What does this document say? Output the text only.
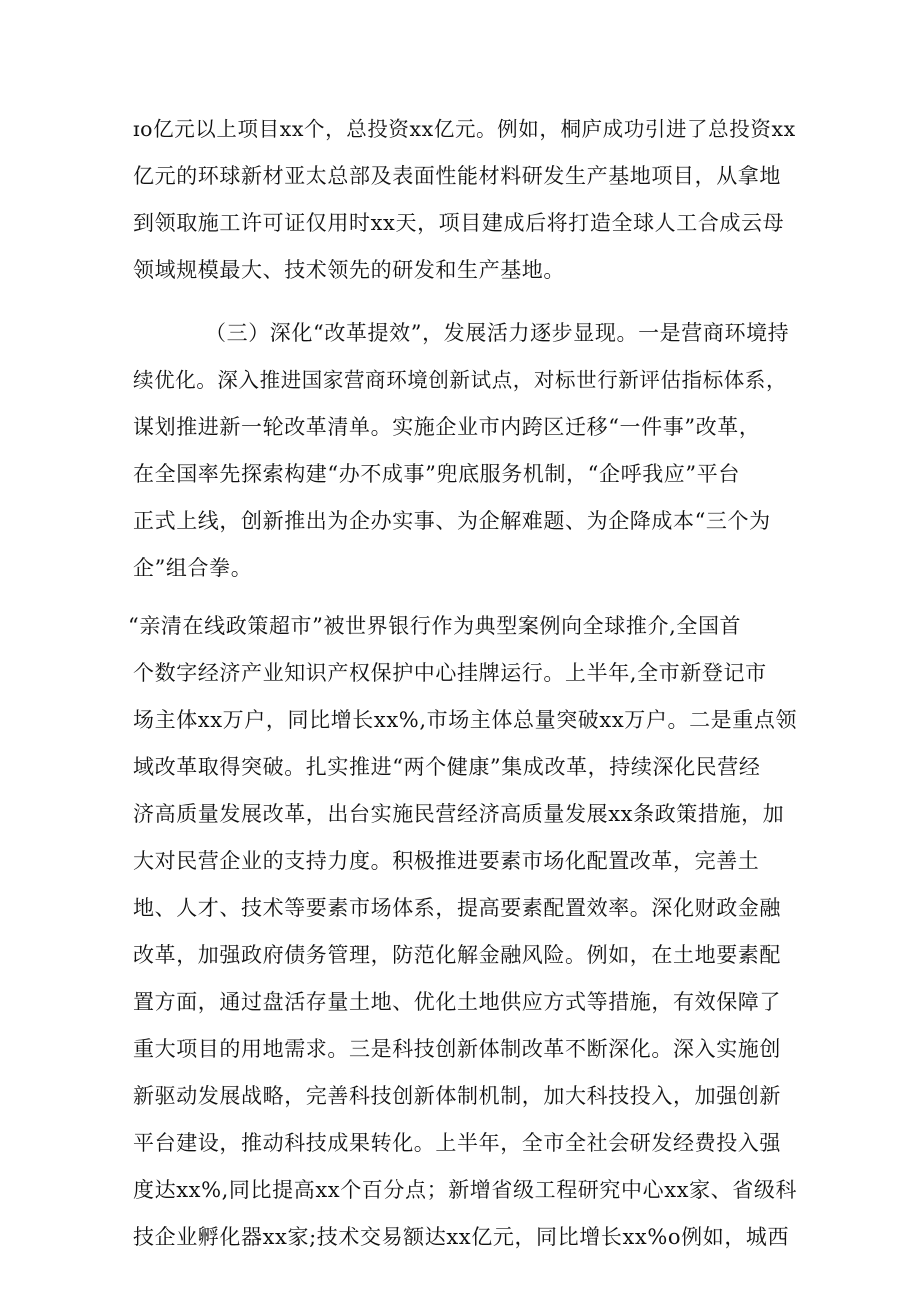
ɪo亿元以上项目xx个，总投资xx亿元。例如，桐庐成功引进了总投资xx
亿元的环球新材亚太总部及表面性能材料研发生产基地项目，从拿地
到领取施工许可证仅用时xx天，项目建成后将打造全球人工合成云母
领域规模最大、技术领先的研发和生产基地。
（三）深化“改革提效”，发展活力逐步显现。一是营商环境持
续优化。深入推进国家营商环境创新试点，对标世行新评估指标体系，
谋划推进新一轮改革清单。实施企业市内跨区迁移“一件事”改革，
在全国率先探索构建“办不成事”兜底服务机制，“企呼我应”平台
正式上线，创新推出为企办实事、为企解难题、为企降成本“三个为
企”组合拳。
“亲清在线政策超市”被世界银行作为典型案例向全球推介,全国首
个数字经济产业知识产权保护中心挂牌运行。上半年,全市新登记市
场主体xx万户，同比增长xx%,市场主体总量突破xx万户。二是重点领
域改革取得突破。扎实推进“两个健康”集成改革，持续深化民营经
济高质量发展改革，出台实施民营经济高质量发展xx条政策措施，加
大对民营企业的支持力度。积极推进要素市场化配置改革，完善土
地、人才、技术等要素市场体系，提高要素配置效率。深化财政金融
改革，加强政府债务管理，防范化解金融风险。例如，在土地要素配
置方面，通过盘活存量土地、优化土地供应方式等措施，有效保障了
重大项目的用地需求。三是科技创新体制改革不断深化。深入实施创
新驱动发展战略，完善科技创新体制机制，加大科技投入，加强创新
平台建设，推动科技成果转化。上半年，全市全社会研发经费投入强
度达xx%,同比提高xx个百分点；新增省级工程研究中心xx家、省级科
技企业孵化器xx家;技术交易额达xx亿元，同比增长xx%o例如，城西
